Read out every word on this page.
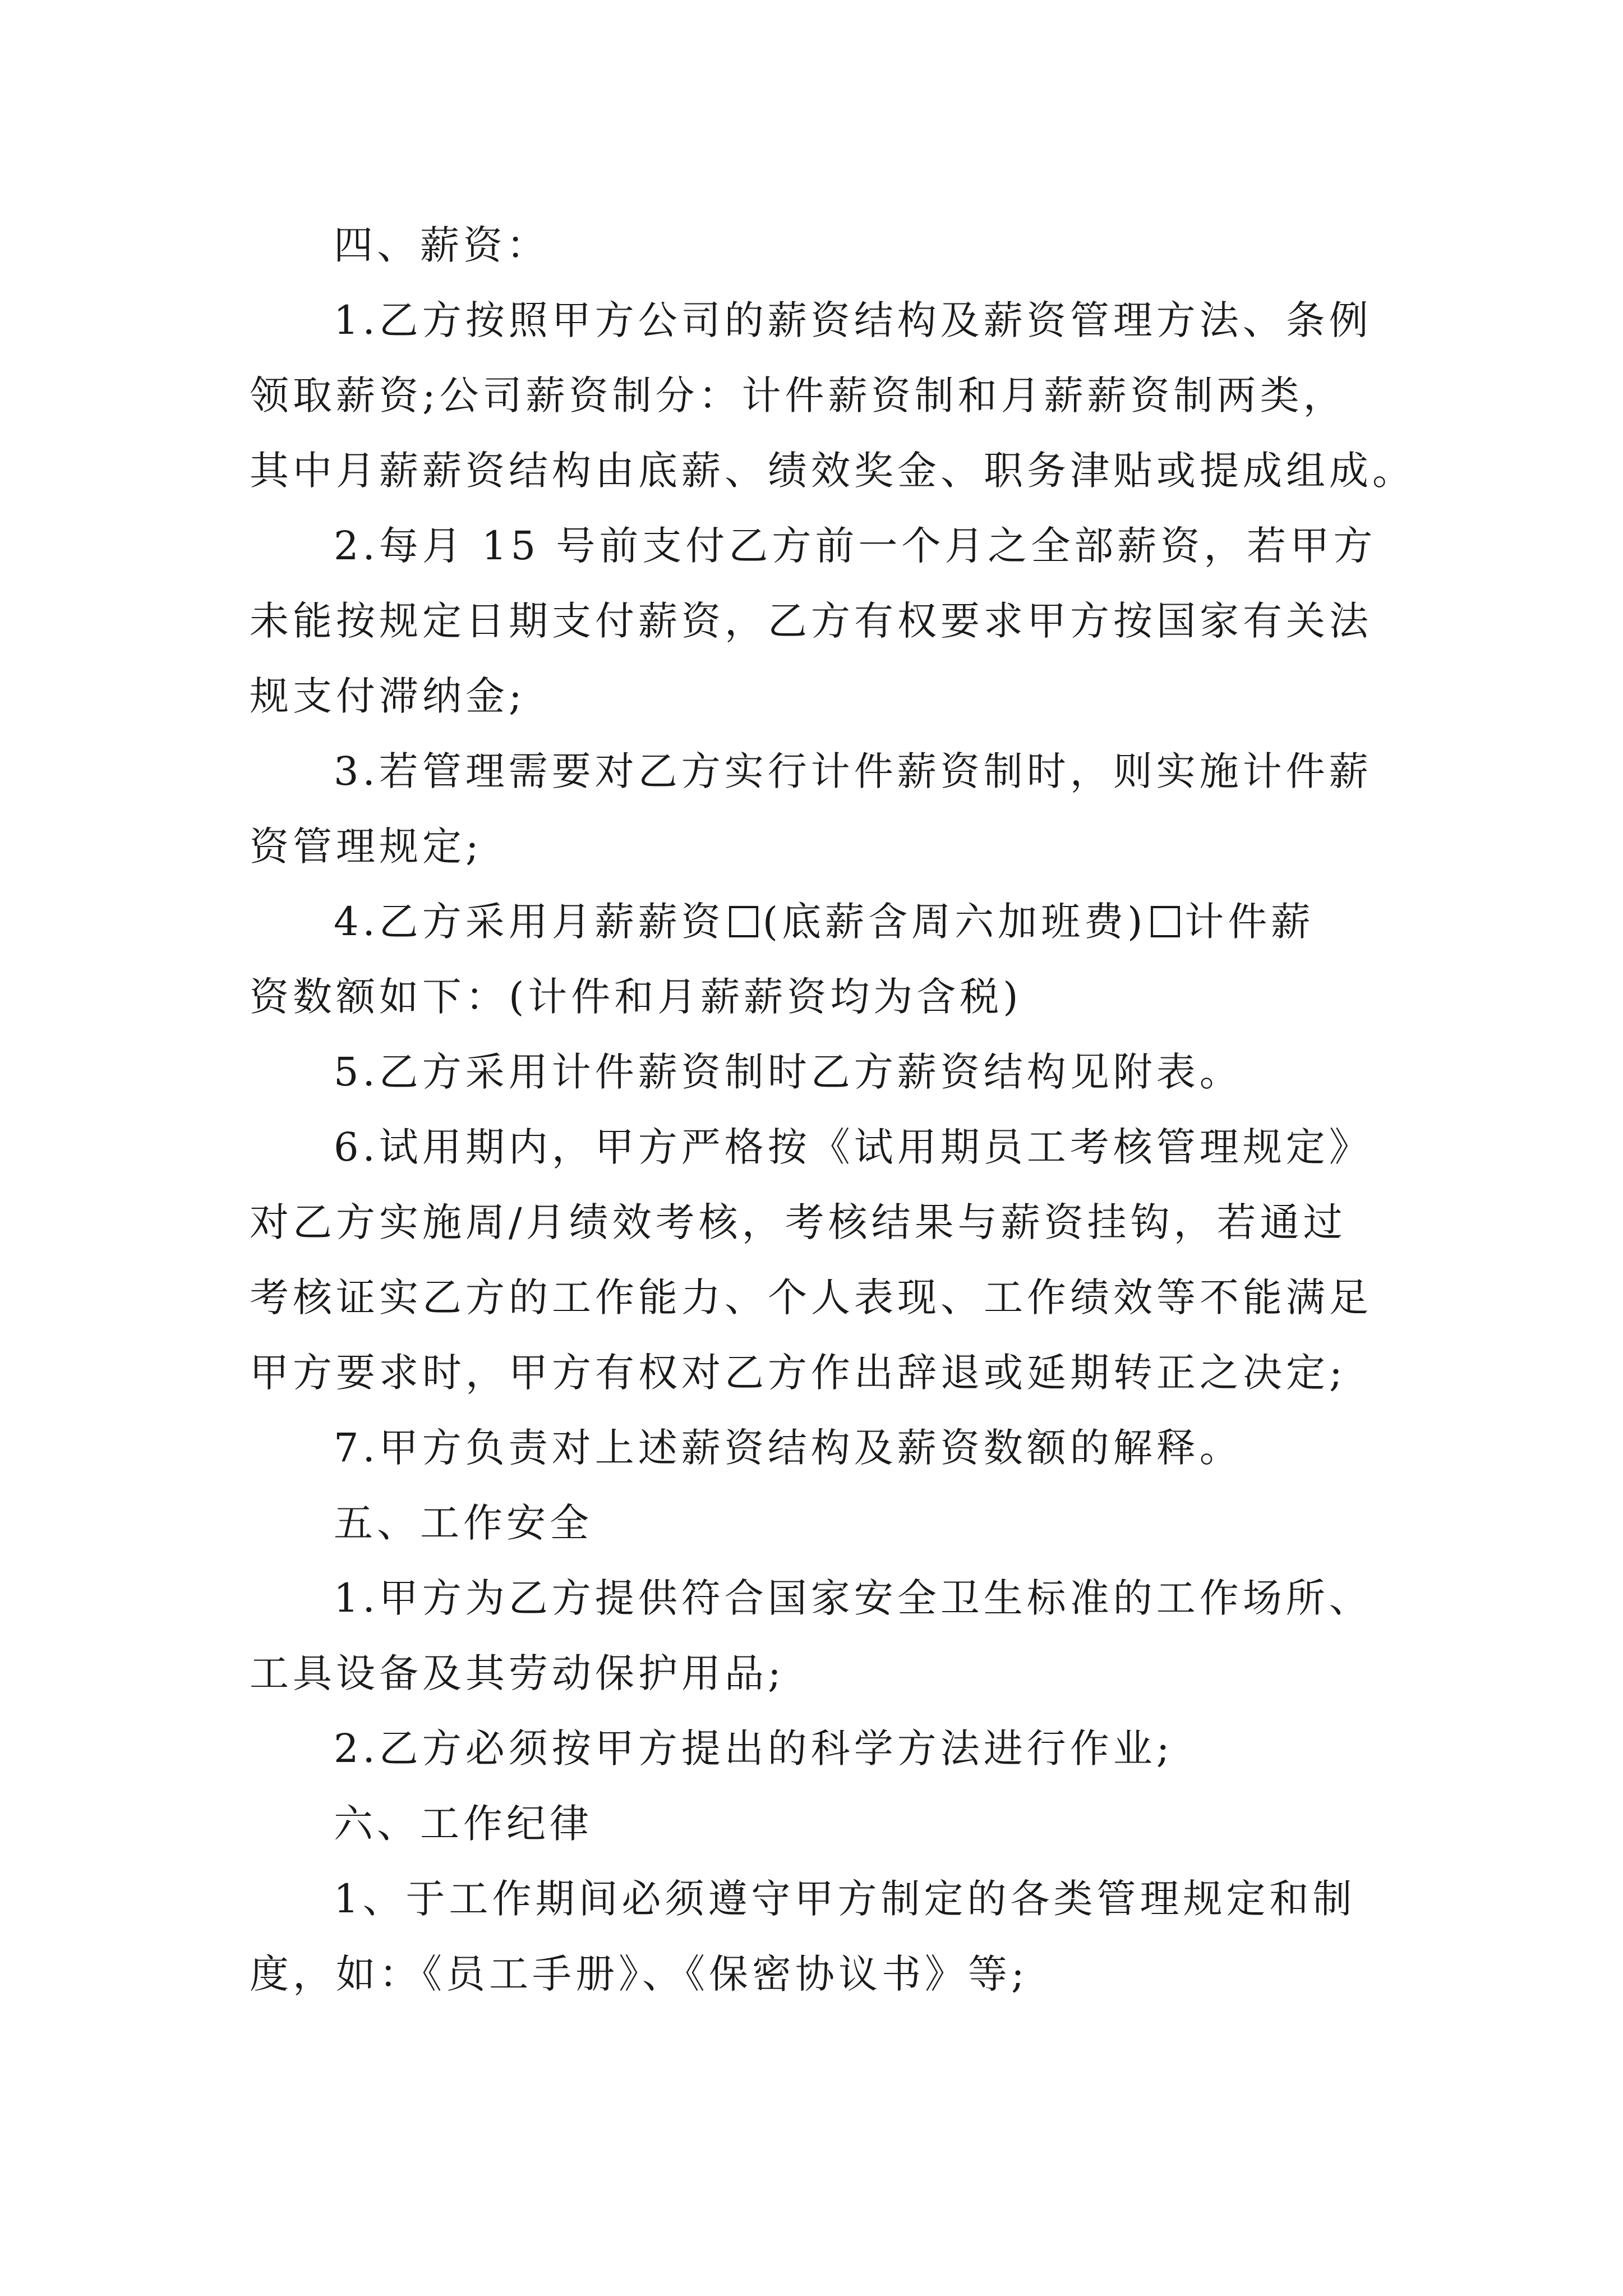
四、薪资：
1.乙方按照甲方公司的薪资结构及薪资管理方法、条例
领取薪资;公司薪资制分：计件薪资制和月薪薪资制两类，
其中月薪薪资结构由底薪、绩效奖金、职务津贴或提成组成。
2.每月 15 号前支付乙方前一个月之全部薪资，若甲方
未能按规定日期支付薪资，乙方有权要求甲方按国家有关法
规支付滞纳金;
3.若管理需要对乙方实行计件薪资制时，则实施计件薪
资管理规定;
4.乙方采用月薪薪资 (底薪含周六加班费) 计件薪
资数额如下：(计件和月薪薪资均为含税)
5.乙方采用计件薪资制时乙方薪资结构见附表。
6.试用期内，甲方严格按《试用期员工考核管理规定》
对乙方实施周/月绩效考核，考核结果与薪资挂钩，若通过
考核证实乙方的工作能力、个人表现、工作绩效等不能满足
甲方要求时，甲方有权对乙方作出辞退或延期转正之决定;
7.甲方负责对上述薪资结构及薪资数额的解释。
五、工作安全
1.甲方为乙方提供符合国家安全卫生标准的工作场所、
工具设备及其劳动保护用品;
2.乙方必须按甲方提出的科学方法进行作业;
六、工作纪律
1、于工作期间必须遵守甲方制定的各类管理规定和制
度，如：《员工手册》、《保密协议书》等;
